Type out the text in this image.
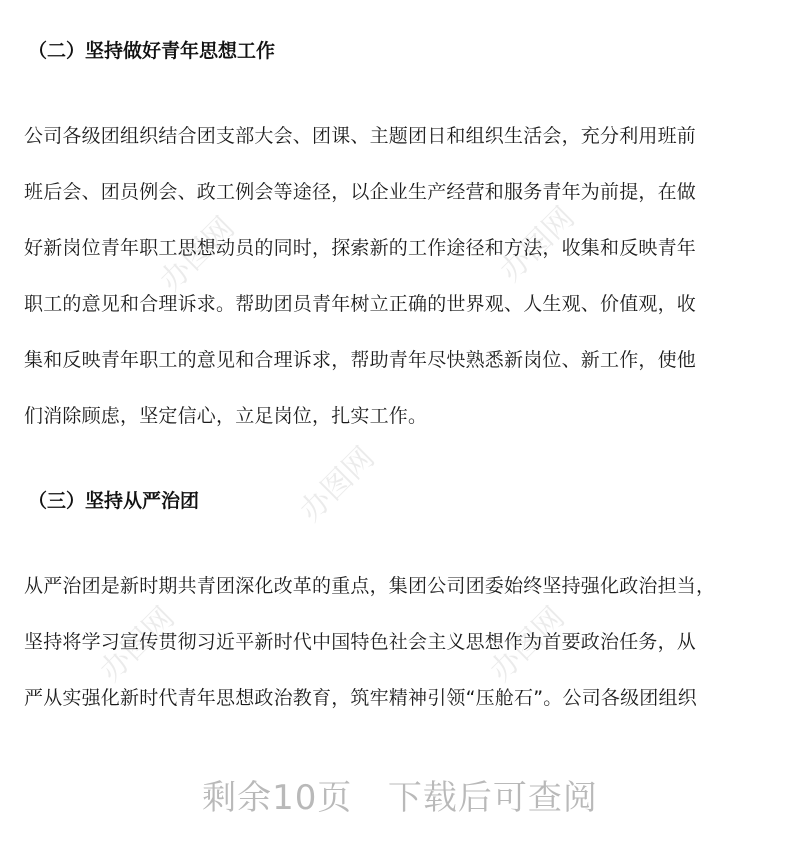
办图网	办图网
办图网
办图网	办图网
（二）坚持做好青年思想工作
公司各级团组织结合团支部大会、团课、主题团日和组织生活会，充分利用班前
班后会、团员例会、政工例会等途径，以企业生产经营和服务青年为前提，在做
好新岗位青年职工思想动员的同时，探索新的工作途径和方法，收集和反映青年
职工的意见和合理诉求。帮助团员青年树立正确的世界观、人生观、价值观，收
集和反映青年职工的意见和合理诉求，帮助青年尽快熟悉新岗位、新工作，使他
们消除顾虑，坚定信心，立足岗位，扎实工作。
（三）坚持从严治团
从严治团是新时期共青团深化改革的重点，集团公司团委始终坚持强化政治担当，
坚持将学习宣传贯彻习近平新时代中国特色社会主义思想作为首要政治任务，从
严从实强化新时代青年思想政治教育，筑牢精神引领“压舱石”。公司各级团组织
剩余10页   下载后可查阅
